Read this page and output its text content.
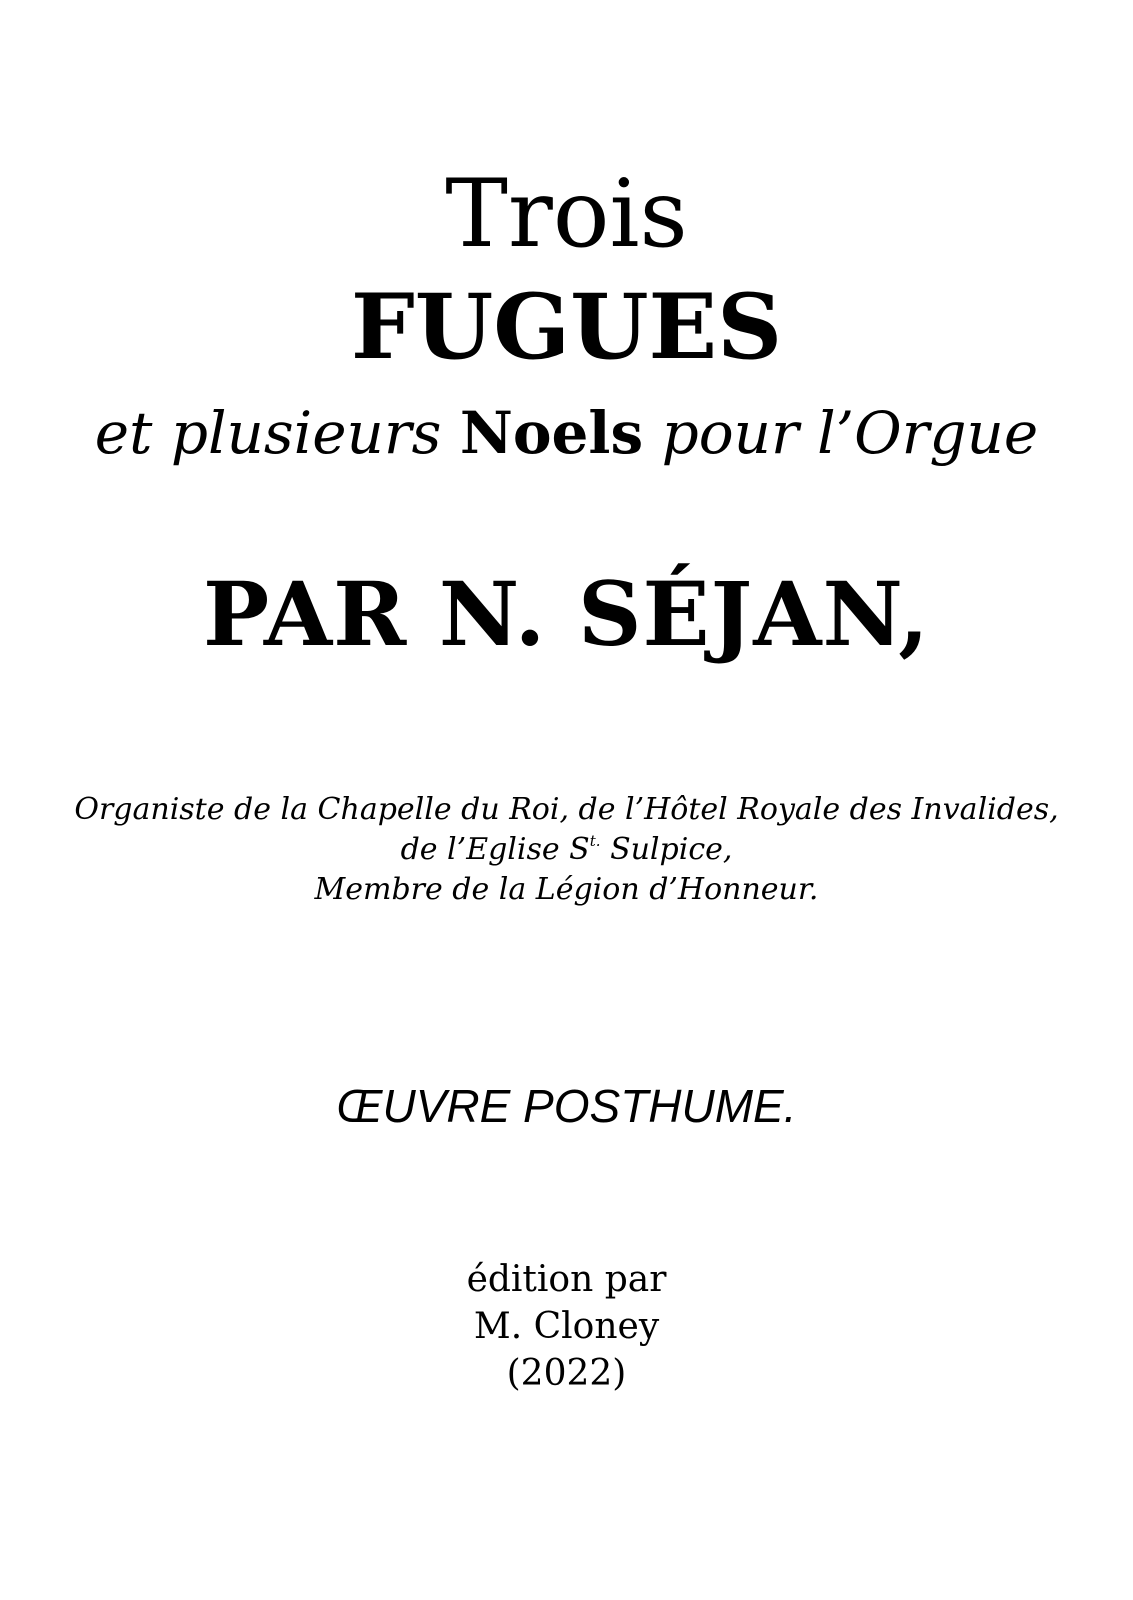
Trois
FUGUES
et plusieurs Noels pour l’Orgue
PAR N. SÉJAN,
Organiste de la Chapelle du Roi, de l’Hôtel Royale des Invalides,
de l’Eglise $S^{t.}$ Sulpice,
Membre de la Légion d’Honneur.
ŒUVRE POSTHUME.
édition par
M. Cloney
(2022)
